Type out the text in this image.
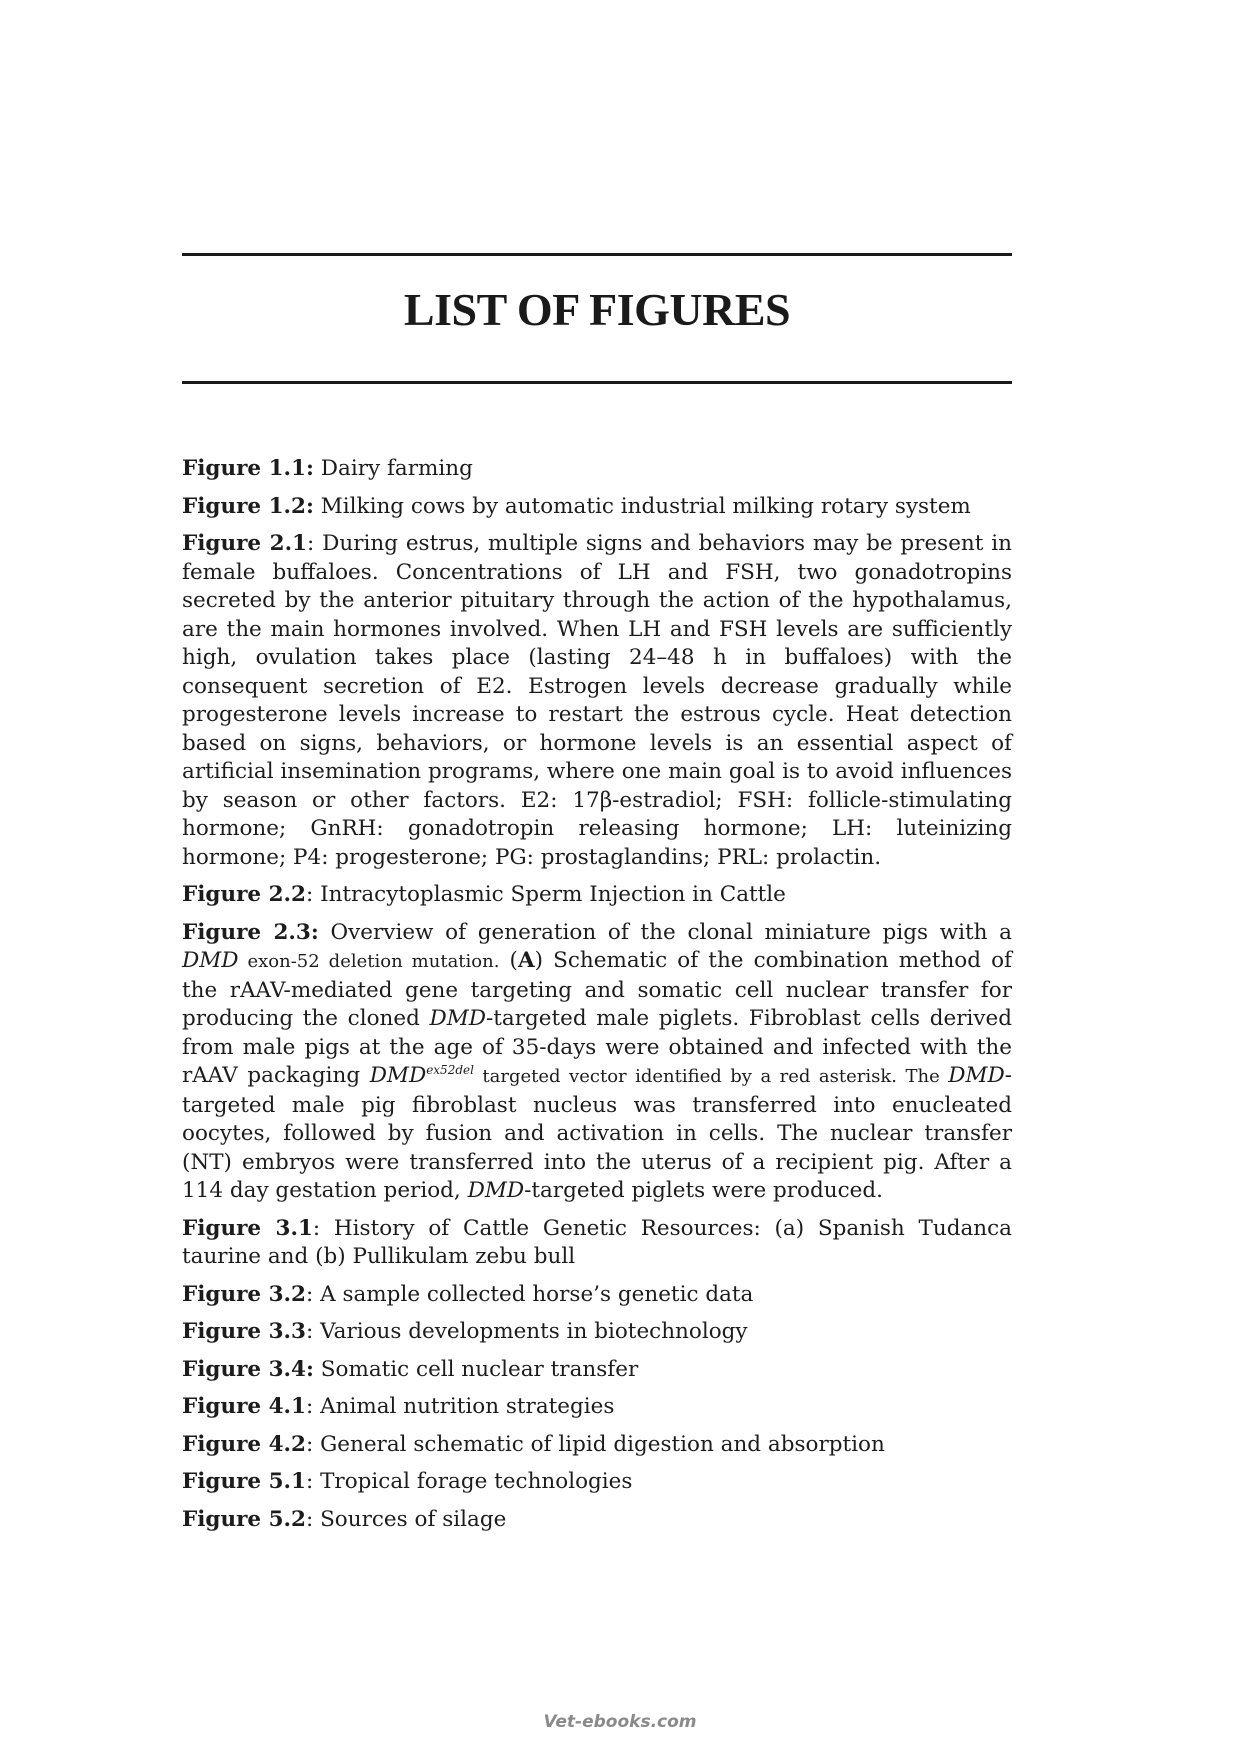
LIST OF FIGURES

Figure 1.1: Dairy farming

Figure 1.2: Milking cows by automatic industrial milking rotary system

Figure 2.1: During estrus, multiple signs and behaviors may be present in female buffaloes. Concentrations of LH and FSH, two gonadotropins secreted by the anterior pituitary through the action of the hypothalamus, are the main hormones involved. When LH and FSH levels are sufficiently high, ovulation takes place (lasting 24–48 h in buffaloes) with the consequent secretion of E2. Estrogen levels decrease gradually while progesterone levels increase to restart the estrous cycle. Heat detection based on signs, behaviors, or hormone levels is an essential aspect of artificial insemination programs, where one main goal is to avoid influences by season or other factors. E2: 17β-estradiol; FSH: follicle-stimulating hormone; GnRH: gonadotropin releasing hormone; LH: luteinizing hormone; P4: progesterone; PG: prostaglandins; PRL: prolactin.

Figure 2.2: Intracytoplasmic Sperm Injection in Cattle

Figure 2.3: Overview of generation of the clonal miniature pigs with a DMD exon-52 deletion mutation. (A) Schematic of the combination method of the rAAV-mediated gene targeting and somatic cell nuclear transfer for producing the cloned DMD-targeted male piglets. Fibroblast cells derived from male pigs at the age of 35-days were obtained and infected with the rAAV packaging $DMD^{ex52del}$ targeted vector identified by a red asterisk. The DMD-targeted male pig fibroblast nucleus was transferred into enucleated oocytes, followed by fusion and activation in cells. The nuclear transfer (NT) embryos were transferred into the uterus of a recipient pig. After a 114 day gestation period, DMD-targeted piglets were produced.

Figure 3.1: History of Cattle Genetic Resources: (a) Spanish Tudanca taurine and (b) Pullikulam zebu bull

Figure 3.2: A sample collected horse’s genetic data

Figure 3.3: Various developments in biotechnology

Figure 3.4: Somatic cell nuclear transfer

Figure 4.1: Animal nutrition strategies

Figure 4.2: General schematic of lipid digestion and absorption

Figure 5.1: Tropical forage technologies

Figure 5.2: Sources of silage

Vet-ebooks.com
